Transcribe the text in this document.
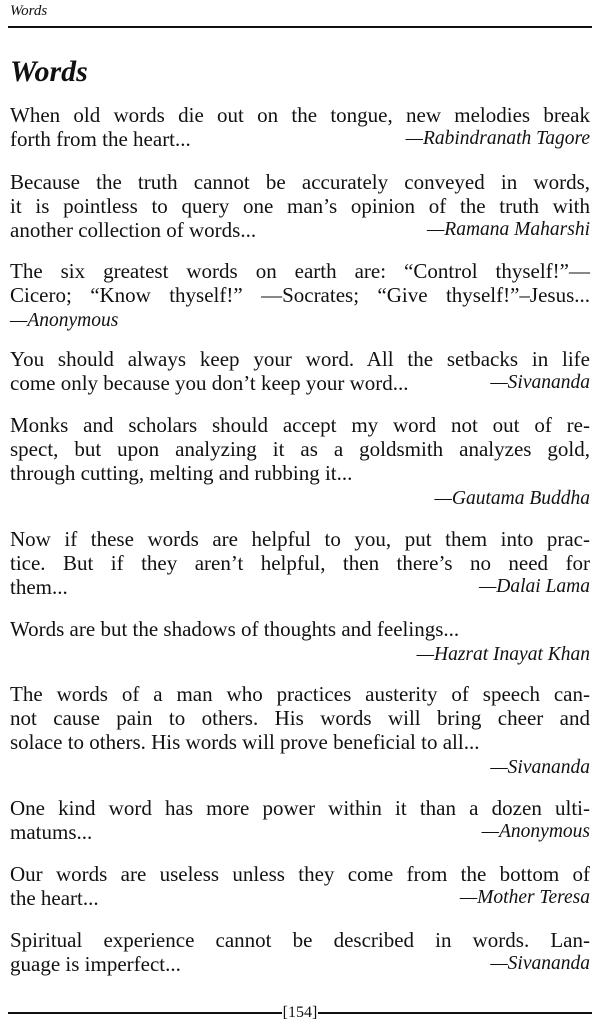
Words
Words
When old words die out on the tongue, new melodies break
forth from the heart...	—Rabindranath Tagore
Because the truth cannot be accurately conveyed in words,
it is pointless to query one man’s opinion of the truth with
another collection of words...	—Ramana Maharshi
The six greatest words on earth are: “Control thyself!”—
Cicero; “Know thyself!” —Socrates; “Give thyself!”–Jesus...
—Anonymous
You should always keep your word. All the setbacks in life
come only because you don’t keep your word...	—Sivananda
Monks and scholars should accept my word not out of re-
spect, but upon analyzing it as a goldsmith analyzes gold,
through cutting, melting and rubbing it...
—Gautama Buddha
Now if these words are helpful to you, put them into prac-
tice. But if they aren’t helpful, then there’s no need for
them...	—Dalai Lama
Words are but the shadows of thoughts and feelings...
—Hazrat Inayat Khan
The words of a man who practices austerity of speech can-
not cause pain to others. His words will bring cheer and
solace to others. His words will prove beneficial to all...
—Sivananda
One kind word has more power within it than a dozen ulti-
matums...	—Anonymous
Our words are useless unless they come from the bottom of
the heart...	—Mother Teresa
Spiritual experience cannot be described in words. Lan-
guage is imperfect...	—Sivananda
[154]
